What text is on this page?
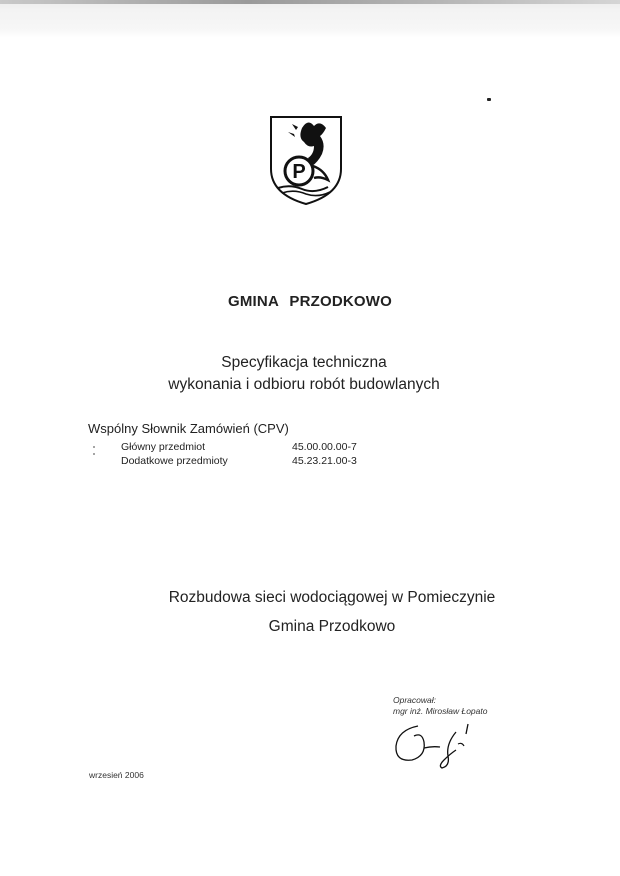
P
GMINA PRZODKOWO
Specyfikacja techniczna
wykonania i odbioru robót budowlanych
Wspólny Słownik Zamówień (CPV)
Główny przedmiot	45.00.00.00-7
Dodatkowe przedmioty	45.23.21.00-3
Rozbudowa sieci wodociągowej w Pomieczynie
Gmina Przodkowo
Opracował:
mgr inż. Mirosław Łopato
wrzesień 2006
